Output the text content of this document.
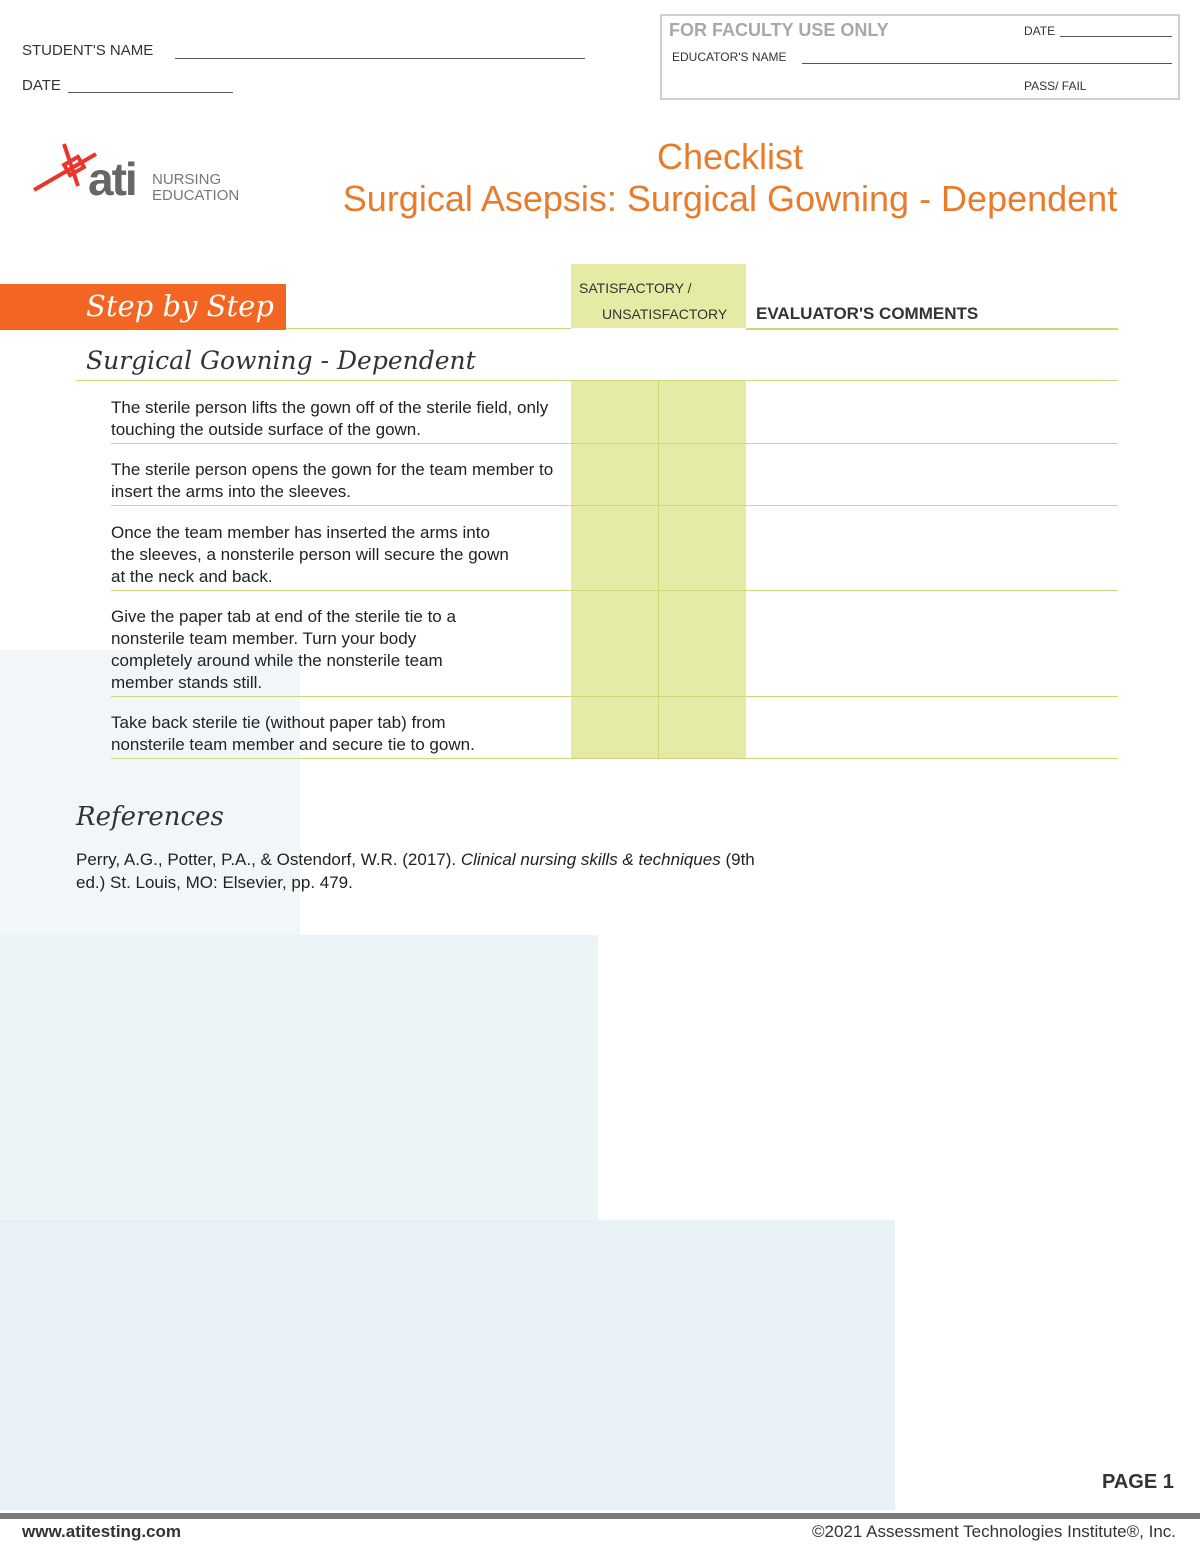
STUDENT'S NAME
DATE
FOR FACULTY USE ONLY	DATE
EDUCATOR'S NAME
PASS/ FAIL
ati NURSING
EDUCATION
Checklist
Surgical Asepsis: Surgical Gowning - Dependent
Step by Step
SATISFACTORY /
UNSATISFACTORY EVALUATOR'S COMMENTS
Surgical Gowning - Dependent
The sterile person lifts the gown off of the sterile field, only touching the outside surface of the gown.
The sterile person opens the gown for the team member to insert the arms into the sleeves.
Once the team member has inserted the arms into the sleeves, a nonsterile person will secure the gown at the neck and back.
Give the paper tab at end of the sterile tie to a nonsterile team member. Turn your body completely around while the nonsterile team member stands still.
Take back sterile tie (without paper tab) from nonsterile team member and secure tie to gown.
References
Perry, A.G., Potter, P.A., & Ostendorf, W.R. (2017). Clinical nursing skills & techniques (9th ed.) St. Louis, MO: Elsevier, pp. 479.
PAGE 1
www.atitesting.com	©2021 Assessment Technologies Institute®, Inc.
